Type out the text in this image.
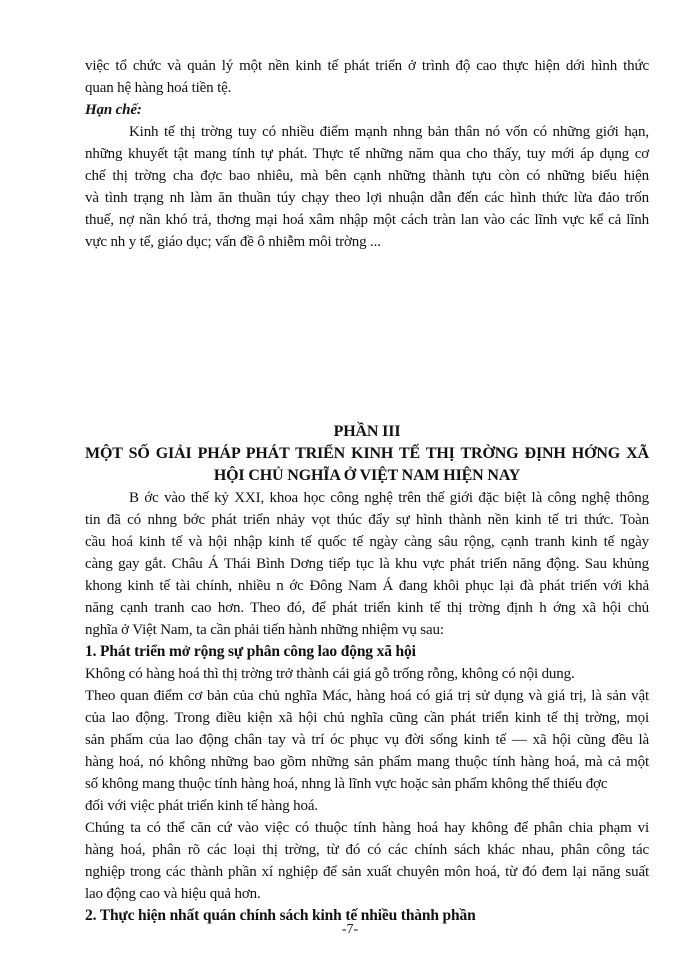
việc tổ chức và quản lý một nền kinh tế phát triển ở trình độ cao thực hiện dới hình thức
quan hệ hàng hoá tiền tệ.
Hạn chế:
Kinh tế thị trờng tuy có nhiều điểm mạnh nhng bản thân nó vốn có những giới hạn,
những khuyết tật mang tính tự phát. Thực tế những năm qua cho thấy, tuy mới áp dụng cơ
chế thị trờng cha đợc bao nhiêu, mà bên cạnh những thành tựu còn có những biểu hiện
và tình trạng nh làm ăn thuần túy chạy theo lợi nhuận dẫn đến các hình thức lừa đảo trốn
thuế, nợ nần khó trả, thơng mại hoá xâm nhập một cách tràn lan vào các lĩnh vực kể cả lĩnh
vực nh y tế, giáo dục; vấn đề ô nhiễm môi trờng ...
PHẦN III
MỘT SỐ GIẢI PHÁP PHÁT TRIỂN KINH TẾ THỊ TRỜNG ĐỊNH HỚNG XÃ
HỘI CHỦ NGHĨA Ở VIỆT NAM HIỆN NAY
B ớc vào thế kỷ XXI, khoa học công nghệ trên thế giới đặc biệt là công nghệ thông
tin đã có nhng bớc phát triển nhảy vọt thúc đẩy sự hình thành nền kinh tế tri thức. Toàn
cầu hoá kinh tế và hội nhập kinh tế quốc tế ngày càng sâu rộng, cạnh tranh kinh tế ngày
càng gay gắt. Châu Á Thái Bình Dơng tiếp tục là khu vực phát triển năng động. Sau khủng
khong kinh tế tài chính, nhiều n ớc Đông Nam Á đang khôi phục lại đà phát triển với khả
năng cạnh tranh cao hơn. Theo đó, để phát triển kinh tế thị trờng định h ớng xã hội chủ
nghĩa ở Việt Nam, ta cần phải tiến hành những nhiệm vụ sau:
1. Phát triển mở rộng sự phân công lao động xã hội
Không có hàng hoá thì thị trờng trở thành cái giá gỗ trống rỗng, không có nội dung.
Theo quan điểm cơ bản của chủ nghĩa Mác, hàng hoá có giá trị sử dụng và giá trị, là sản vật
của lao động. Trong điều kiện xã hội chủ nghĩa cũng cần phát triển kinh tế thị trờng, mọi
sản phẩm của lao động chân tay và trí óc phục vụ đời sống kinh tế — xã hội cũng đều là
hàng hoá, nó không những bao gồm những sản phẩm mang thuộc tính hàng hoá, mà cả một
số không mang thuộc tính hàng hoá, nhng là lĩnh vực hoặc sản phẩm không thể thiếu đợc
đối với việc phát triển kinh tế hàng hoá.
Chúng ta có thể căn cứ vào việc có thuộc tính hàng hoá hay không để phân chia phạm vi
hàng hoá, phân rõ các loại thị trờng, từ đó có các chính sách khác nhau, phân công tác
nghiệp trong các thành phần xí nghiệp để sản xuất chuyên môn hoá, từ đó đem lại năng suất
lao động cao và hiệu quả hơn.
2. Thực hiện nhất quán chính sách kinh tế nhiều thành phần
-7-
